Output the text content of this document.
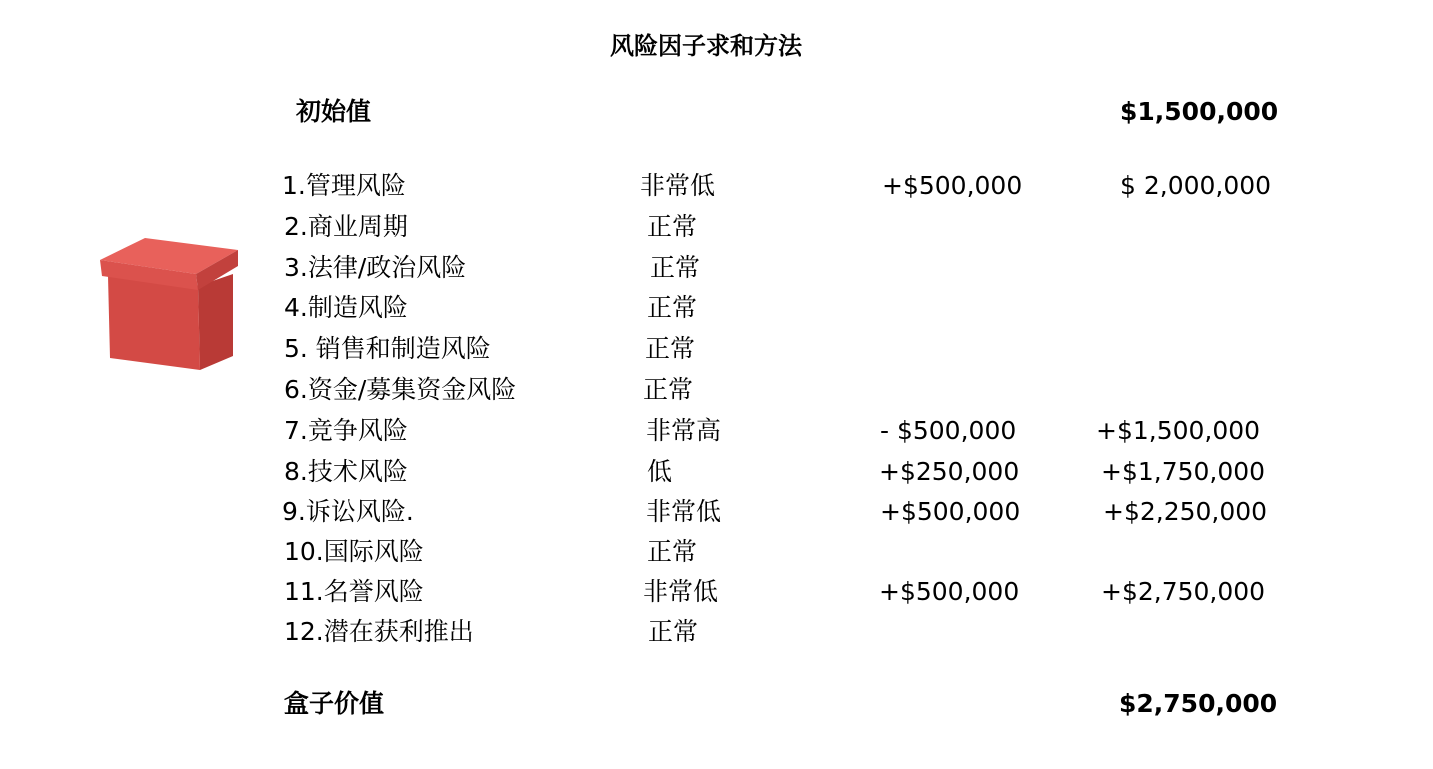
风险因子求和方法
初始值	$1,500,000
1.管理风险	非常低	+$500,000	$ 2,000,000
2.商业周期	正常
3.法律/政治风险	正常
4.制造风险	正常
5. 销售和制造风险	正常
6.资金/募集资金风险	正常
7.竞争风险	非常高	- $500,000	+$1,500,000
8.技术风险	低	+$250,000	+$1,750,000
9.诉讼风险.	非常低	+$500,000	+$2,250,000
10.国际风险	正常
11.名誉风险	非常低	+$500,000	+$2,750,000
12.潜在获利推出	正常
盒子价值	$2,750,000
